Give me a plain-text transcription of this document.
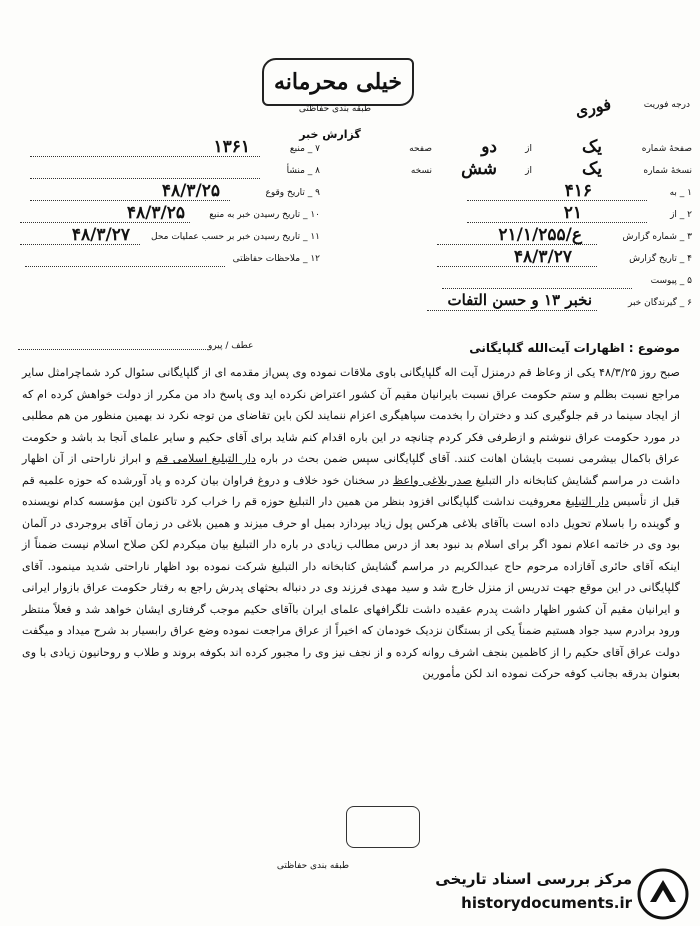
خیلی محرمانه
طبقه بندی حفاظتی
گزارش خبر
درجه فوریت
فوری
صفحهٔ شماره
یک
از
دو
صفحه
نسخهٔ شماره
یک
از
شش
نسخه
۱ _ به
۴۱۶
۲ _ از
۲۱
۳ _ شماره گزارش
۲۱/۱/۲۵۵/ع
۴ _ تاریخ گزارش
۴۸/۳/۲۷
۵ _ پیوست
۶ _ گیرندگان خبر
نخبر ۱۳ و حسن التفات
۷ _ منبع
۱۳۶۱
۸ _ منشأ
۹ _ تاریخ وقوع
۴۸/۳/۲۵
۱۰ _ تاریخ رسیدن خبر به منبع
۴۸/۳/۲۵
۱۱ _ تاریخ رسیدن خبر بر حسب عملیات محل
۴۸/۳/۲۷
۱۲ _ ملاحظات حفاظتی
موضوع : اظهارات آیت‌الله گلپایگانی
عطف / پیرو

صبح روز ۴۸/۳/۲۵ یکی از وعاظ قم درمنزل آیت اله گلپایگانی باوی ملاقات نموده وی پس‌از مقدمه ای از گلپایگانی سئوال کرد شماچرامثل سایر مراجع نسبت بظلم و ستم حکومت عراق نسبت بایرانیان مقیم آن کشور اعتراض نکرده اید وی پاسخ داد من مکرر از دولت خواهش کرده ام که از ایجاد سینما در قم جلوگیری کند و دختران را بخدمت سپاهیگری اعزام ننمایند لکن باین تقاضای من توجه نکرد ند بهمین منظور من هم مطلبی در مورد حکومت عراق ننوشتم و ازطرفی فکر کردم چنانچه در این باره اقدام کنم شاید برای آقای حکیم و سایر علمای آنجا بد باشد و حکومت عراق باکمال بیشرمی نسبت بایشان اهانت کنند. آقای گلپایگانی سپس ضمن بحث در باره دار التبلیغ اسلامی قم و ابراز ناراحتی از آن اظهار داشت در مراسم گشایش کتابخانه دار التبلیغ صدر بلاغی واعظ در سخنان خود خلاف و دروغ فراوان بیان کرده و یاد آورشده که حوزه علمیه قم قبل از تأسیس دار التبلیغ معروفیت نداشت گلپایگانی افزود بنظر من همین دار التبلیغ حوزه قم را خراب کرد تاکنون این مؤسسه کدام نویسنده و گوینده را باسلام تحویل داده است باآقای بلاغی هرکس پول زیاد بپردازد بمیل او حرف میزند و همین بلاغی در زمان آقای بروجردی در آلمان بود وی در خاتمه اعلام نمود اگر برای اسلام بد نبود بعد از درس مطالب زیادی در باره دار التبلیغ بیان میکردم لکن صلاح اسلام نیست ضمناً از اینکه آقای حائری آقازاده مرحوم حاج عبدالکریم در مراسم گشایش کتابخانه دار التبلیغ شرکت نموده بود اظهار ناراحتی شدید مینمود. آقای گلپایگانی در این موقع جهت تدریس از منزل خارج شد و سید مهدی فرزند وی در دنباله بحثهای پدرش راجع به رفتار حکومت عراق بازوار ایرانی و ایرانیان مقیم آن کشور اظهار داشت پدرم عقیده داشت تلگرافهای علمای ایران باآقای حکیم موجب گرفتاری ایشان خواهد شد و فعلاً منتظر ورود برادرم سید جواد هستیم ضمناً یکی از بستگان نزدیک خودمان که اخیراً از عراق مراجعت نموده وضع عراق رابسیار بد شرح میداد و میگفت دولت عراق آقای حکیم را از کاظمین بنجف اشرف روانه کرده و از نجف نیز وی را مجبور کرده اند بکوفه بروند و طلاب و روحانیون زیادی با وی بعنوان بدرقه بجانب کوفه حرکت نموده اند لکن مأمورین

طبقه بندی حفاظتی
مرکز بررسی اسناد تاریخی
historydocuments.ir
